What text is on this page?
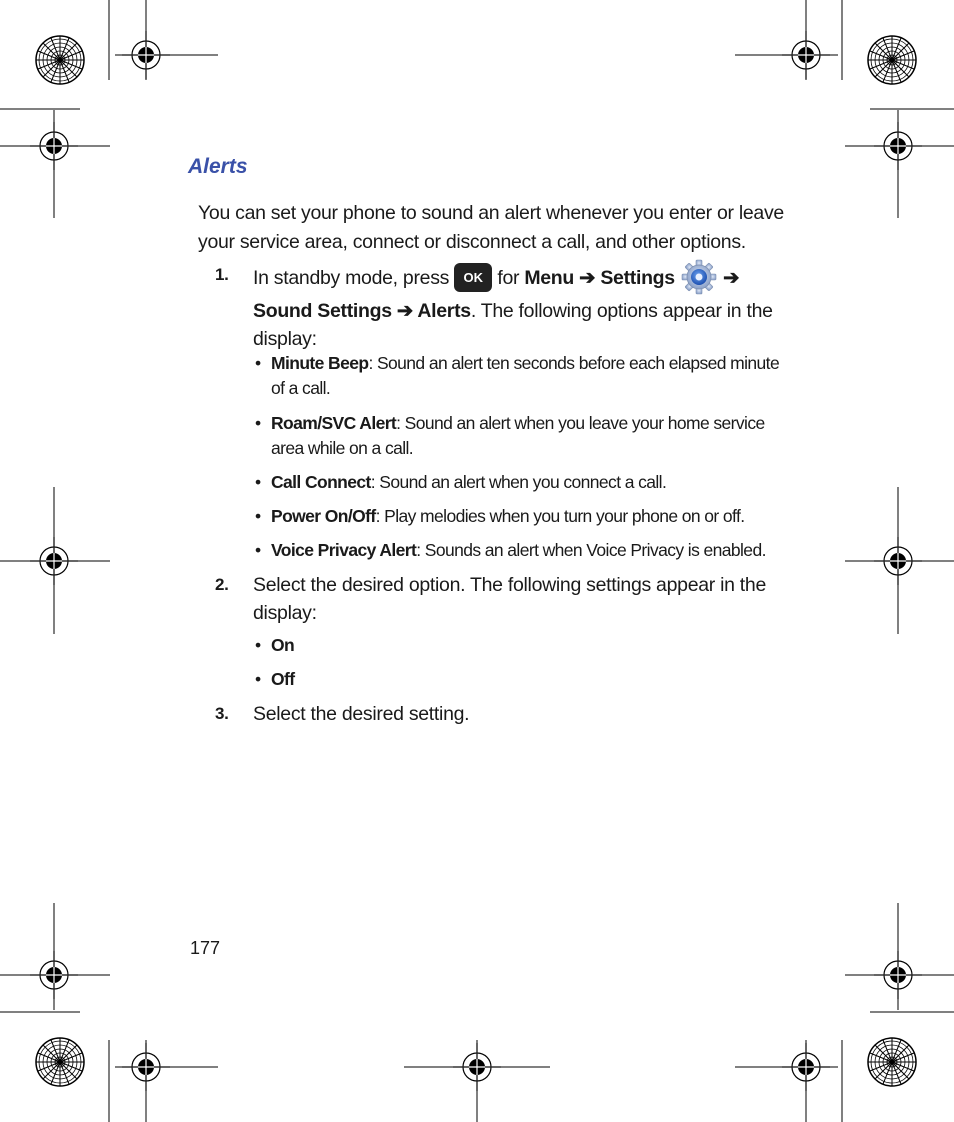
Alerts
You can set your phone to sound an alert whenever you enter or leave your service area, connect or disconnect a call, and other options.
1. In standby mode, press OK for Menu ➔ Settings  ➔
Sound Settings ➔ Alerts. The following options appear in the display:
• Minute Beep: Sound an alert ten seconds before each elapsed minute of a call.
• Roam/SVC Alert: Sound an alert when you leave your home service area while on a call.
• Call Connect: Sound an alert when you connect a call.
• Power On/Off: Play melodies when you turn your phone on or off.
• Voice Privacy Alert: Sounds an alert when Voice Privacy is enabled.
2. Select the desired option. The following settings appear in the display:
• On
• Off
3. Select the desired setting.
177
